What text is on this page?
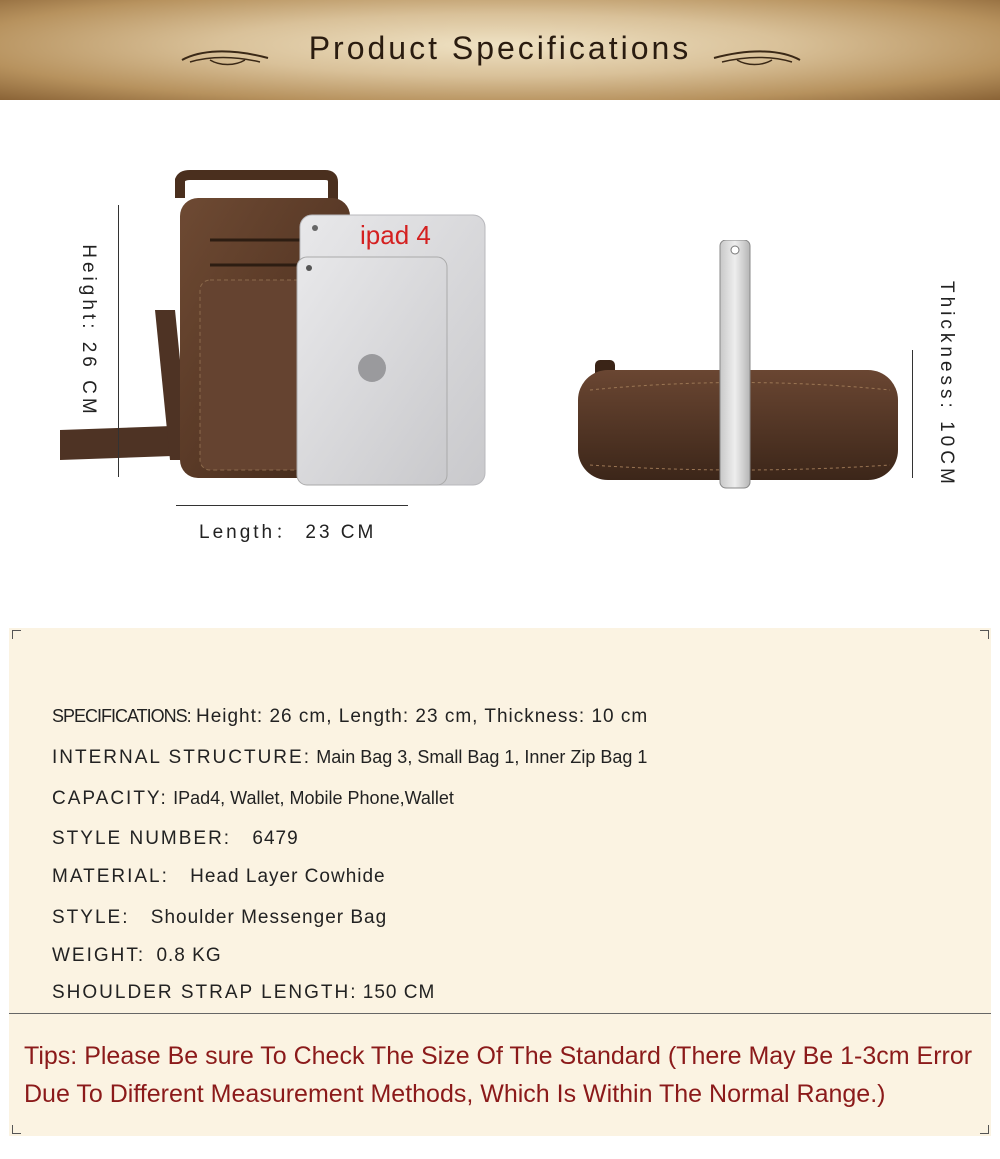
Product Specifications
ipad 4
Height: 26 CM
Length： 23 CM
Thickness: 10CM
SPECIFICATIONS: Height: 26 cm, Length: 23 cm, Thickness: 10 cm
INTERNAL STRUCTURE: Main Bag 3, Small Bag 1, Inner Zip Bag 1
CAPACITY: IPad4, Wallet, Mobile Phone,Wallet
STYLE NUMBER: 6479
MATERIAL: Head Layer Cowhide
STYLE: Shoulder Messenger Bag
WEIGHT: 0.8 KG
SHOULDER STRAP LENGTH: 150 CM
Tips: Please Be sure To Check The Size Of The Standard (There May Be 1-3cm Error Due To Different Measurement Methods, Which Is Within The Normal Range.)
